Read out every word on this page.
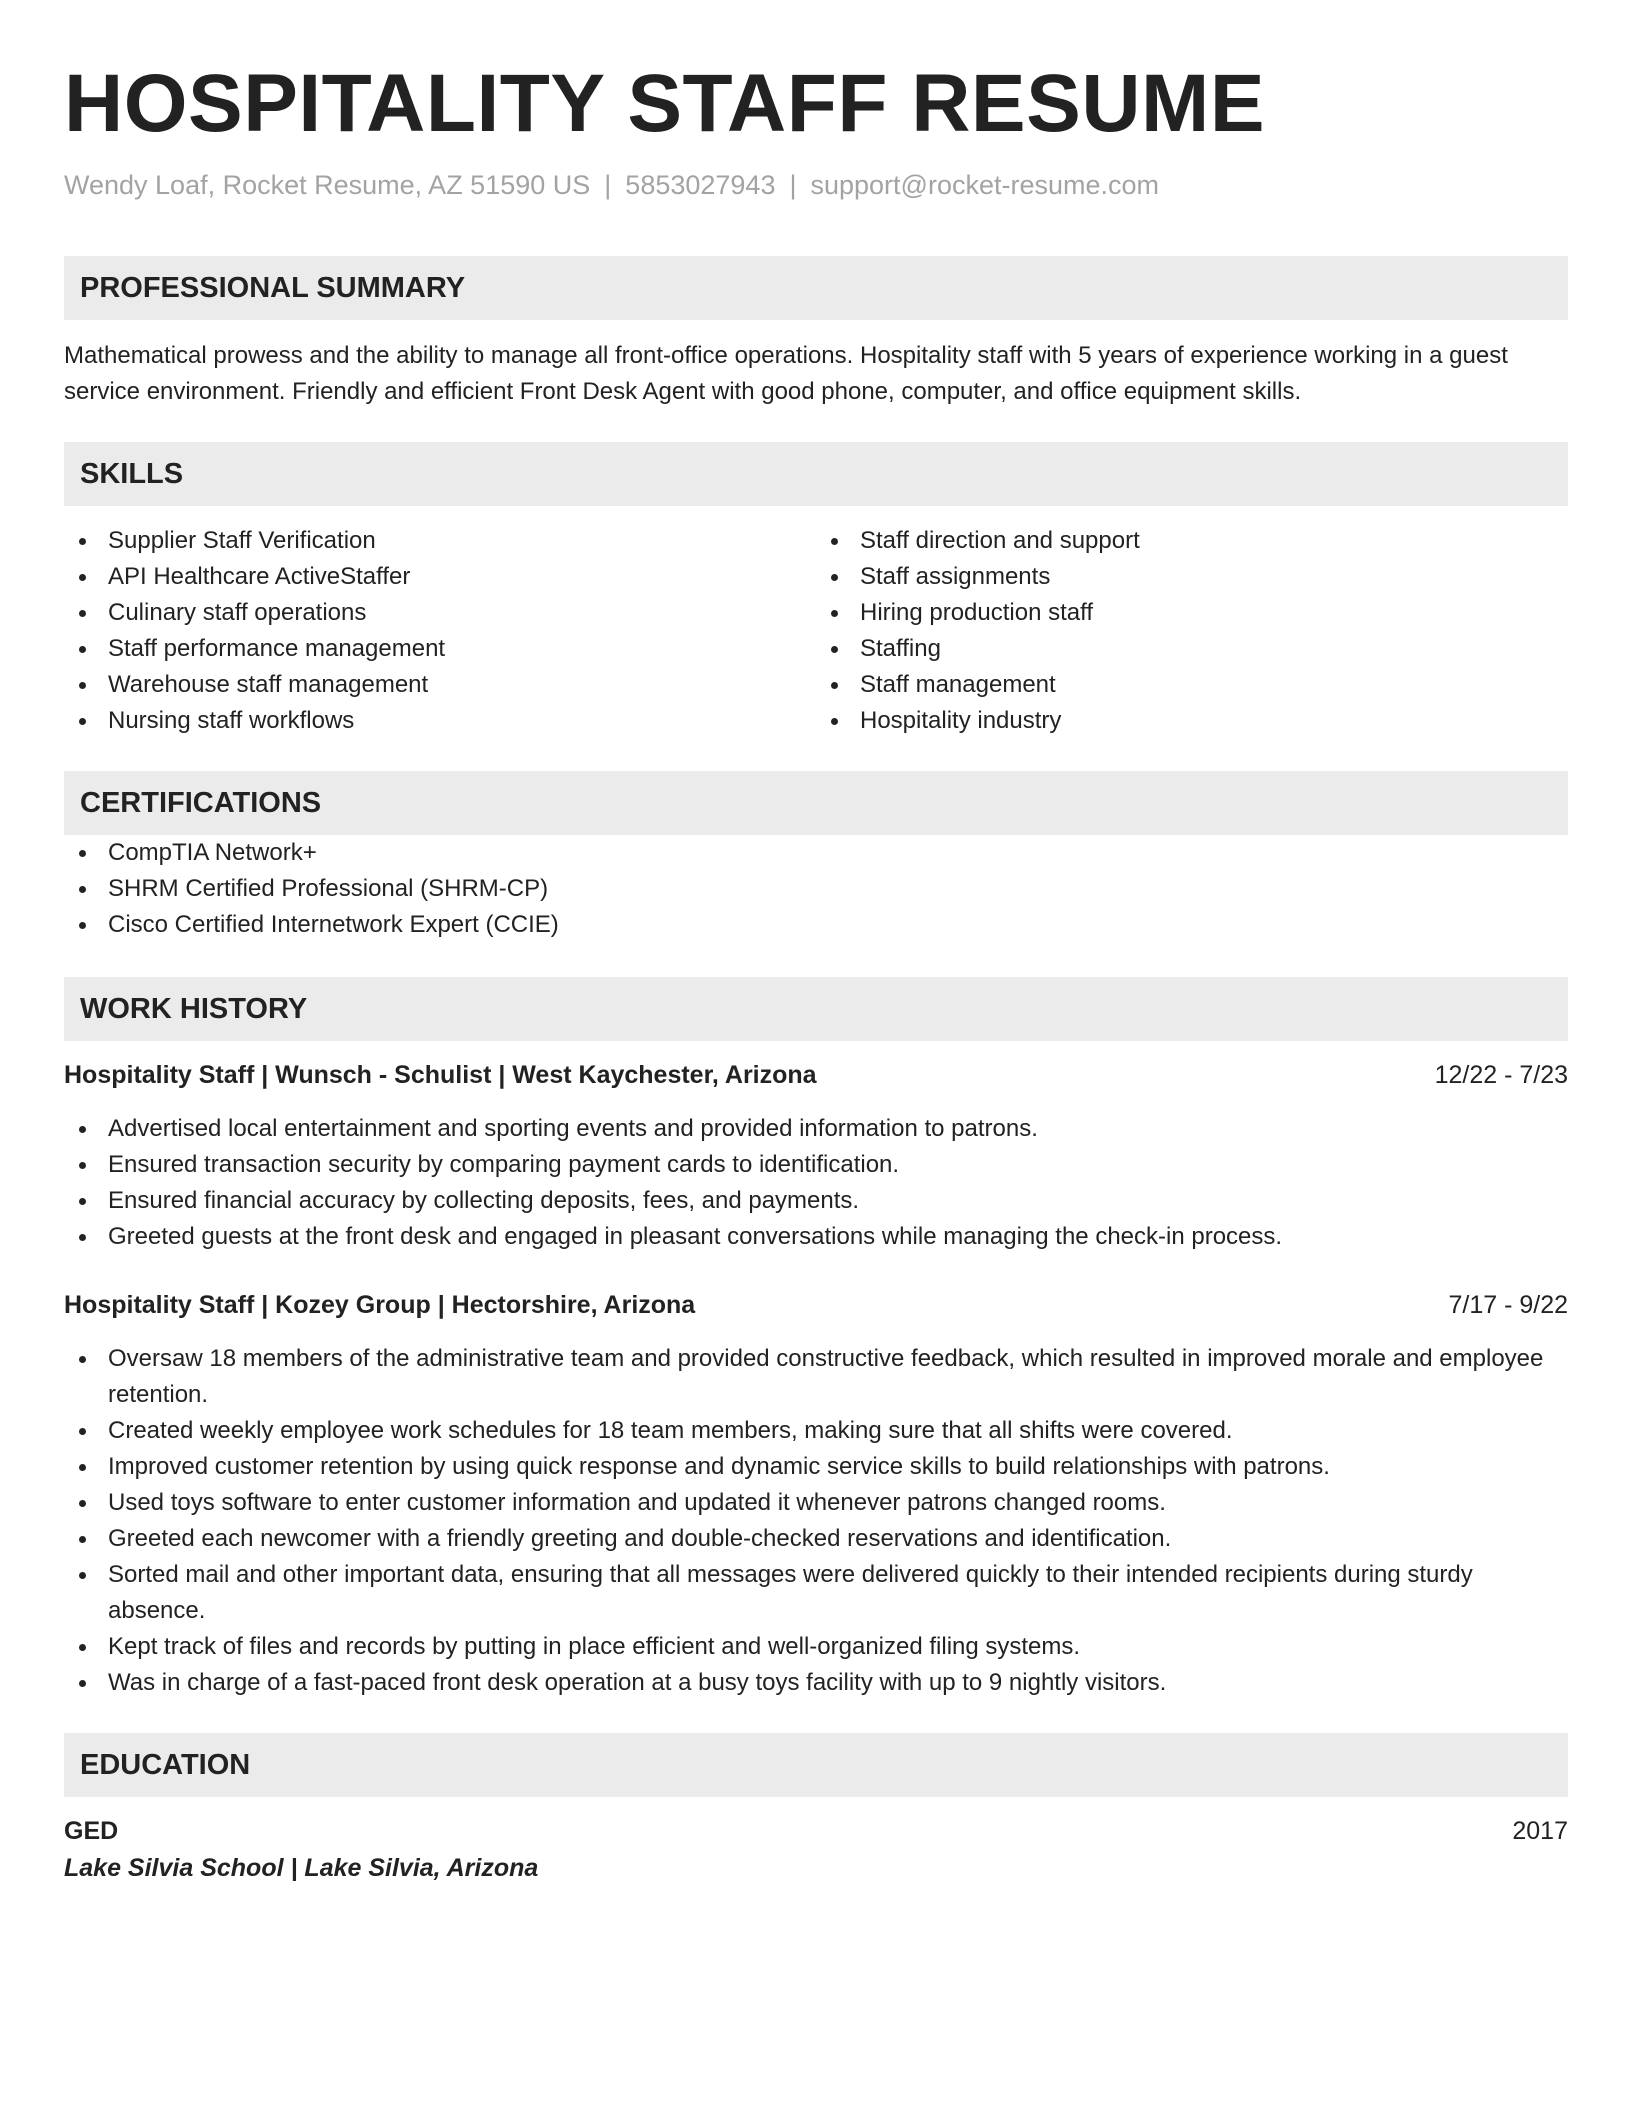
HOSPITALITY STAFF RESUME
Wendy Loaf, Rocket Resume, AZ 51590 US | 5853027943 | support@rocket-resume.com
PROFESSIONAL SUMMARY

Mathematical prowess and the ability to manage all front-office operations. Hospitality staff with 5 years of experience working in a guest service environment. Friendly and efficient Front Desk Agent with good phone, computer, and office equipment skills.

SKILLS
Supplier Staff Verification
API Healthcare ActiveStaffer
Culinary staff operations
Staff performance management
Warehouse staff management
Nursing staff workflows
Staff direction and support
Staff assignments
Hiring production staff
Staffing
Staff management
Hospitality industry
CERTIFICATIONS
CompTIA Network+
SHRM Certified Professional (SHRM-CP)
Cisco Certified Internetwork Expert (CCIE)
WORK HISTORY
Hospitality Staff | Wunsch - Schulist | West Kaychester, Arizona	12/22 - 7/23
Advertised local entertainment and sporting events and provided information to patrons.
Ensured transaction security by comparing payment cards to identification.
Ensured financial accuracy by collecting deposits, fees, and payments.
Greeted guests at the front desk and engaged in pleasant conversations while managing the check-in process.
Hospitality Staff | Kozey Group | Hectorshire, Arizona	7/17 - 9/22
Oversaw 18 members of the administrative team and provided constructive feedback, which resulted in improved morale and employee retention.
Created weekly employee work schedules for 18 team members, making sure that all shifts were covered.
Improved customer retention by using quick response and dynamic service skills to build relationships with patrons.
Used toys software to enter customer information and updated it whenever patrons changed rooms.
Greeted each newcomer with a friendly greeting and double-checked reservations and identification.
Sorted mail and other important data, ensuring that all messages were delivered quickly to their intended recipients during sturdy absence.
Kept track of files and records by putting in place efficient and well-organized filing systems.
Was in charge of a fast-paced front desk operation at a busy toys facility with up to 9 nightly visitors.
EDUCATION
GED	2017
Lake Silvia School | Lake Silvia, Arizona
